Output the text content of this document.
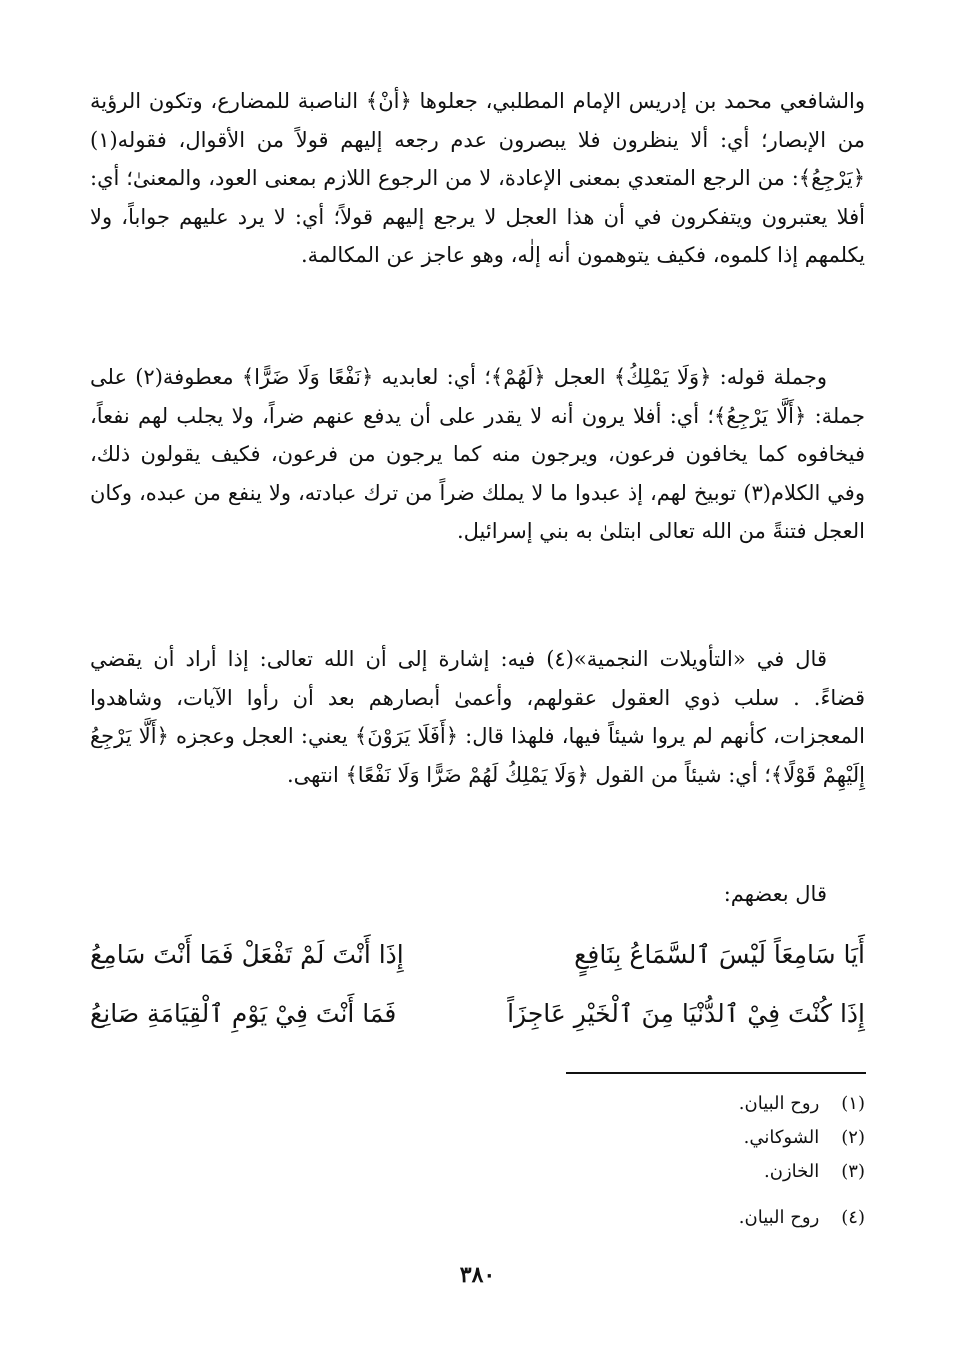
والشافعي محمد بن إدريس الإمام المطلبي، جعلوها ﴿أنْ﴾ الناصبة للمضارع، وتكون الرؤية من الإبصار؛ أي: ألا ينظرون فلا يبصرون عدم رجعه إليهم قولاً من الأقوال، فقوله(١) ﴿يَرْجِعُ﴾: من الرجع المتعدي بمعنى الإعادة، لا من الرجوع اللازم بمعنى العود، والمعنىٰ؛ أي: أفلا يعتبرون ويتفكرون في أن هذا العجل لا يرجع إليهم قولاً؛ أي: لا يرد عليهم جواباً، ولا يكلمهم إذا كلموه، فكيف يتوهمون أنه إلٰه، وهو عاجز عن المكالمة.

وجملة قوله: ﴿وَلَا يَمْلِكُ﴾ العجل ﴿لَهُمْ﴾؛ أي: لعابديه ﴿نَفْعًا وَلَا ضَرًّا﴾ معطوفة(٢) على جملة: ﴿أَلَّا يَرْجِعُ﴾؛ أي: أفلا يرون أنه لا يقدر على أن يدفع عنهم ضراً، ولا يجلب لهم نفعاً، فيخافوه كما يخافون فرعون، ويرجون منه كما يرجون من فرعون، فكيف يقولون ذلك، وفي الكلام(٣) توبيخ لهم، إذ عبدوا ما لا يملك ضراً من ترك عبادته، ولا ينفع من عبده، وكان العجل فتنةً من الله تعالى ابتلىٰ به بني إسرائيل.

قال في «التأويلات النجمية»(٤) فيه: إشارة إلى أن الله تعالى: إذا أراد أن يقضي قضاءً. . سلب ذوي العقول عقولهم، وأعمىٰ أبصارهم بعد أن رأوا الآيات، وشاهدوا المعجزات، كأنهم لم يروا شيئاً فيها، فلهذا قال: ﴿أَفَلَا يَرَوْنَ﴾ يعني: العجل وعجزه ﴿أَلَّا يَرْجِعُ إِلَيْهِمْ قَوْلًا﴾؛ أي: شيئاً من القول ﴿وَلَا يَمْلِكُ لَهُمْ ضَرًّا وَلَا نَفْعًا﴾ انتهى.

قال بعضهم:

أَيَا سَامِعَاً لَيْسَ ٱلسَّمَاعُ بِنَافِعٍ
إِذَا أَنْتَ لَمْ تَفْعَلْ فَمَا أَنْتَ سَامِعُ
إِذَا كُنْتَ فِيْ ٱلدُّنْيَا مِنَ ٱلْخَيْرِ عَاجِزَاً
فَمَا أَنْتَ فِيْ يَوْمِ ٱلْقِيَامَةِ صَانِعُ

(١) روح البيان.

(٢) الشوكاني.

(٣) الخازن.

(٤) روح البيان.

٣٨٠
